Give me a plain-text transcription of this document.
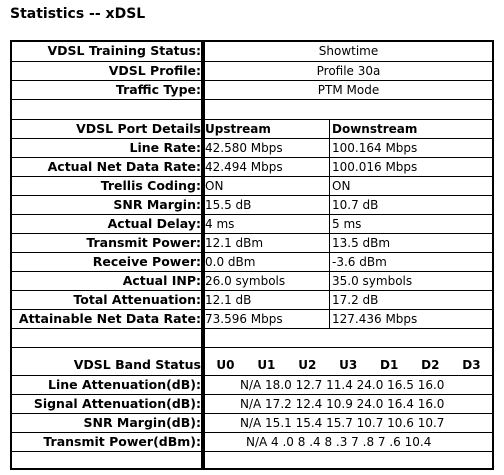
Statistics -- xDSL
VDSL Training Status:	Showtime
VDSL Profile:	Profile 30a
Traffic Type:	PTM Mode
VDSL Port Details Upstream	Downstream
Line Rate: 42.580 Mbps	100.164 Mbps
Actual Net Data Rate: 42.494 Mbps	100.016 Mbps
Trellis Coding: ON	ON
SNR Margin: 15.5 dB	10.7 dB
Actual Delay: 4 ms	5 ms
Transmit Power: 12.1 dBm	13.5 dBm
Receive Power: 0.0 dBm	-3.6 dBm
Actual INP: 26.0 symbols	35.0 symbols
Total Attenuation: 12.1 dB	17.2 dB
Attainable Net Data Rate: 73.596 Mbps	127.436 Mbps
VDSL Band Status U0 U1 U2 U3 D1 D2 D3
Line Attenuation(dB):	N/A 18.0 12.7 11.4 24.0 16.5 16.0
Signal Attenuation(dB):	N/A 17.2 12.4 10.9 24.0 16.4 16.0
SNR Margin(dB):	N/A 15.1 15.4 15.7 10.7 10.6 10.7
Transmit Power(dBm):	N/A 4 .0 8 .4 8 .3 7 .8 7 .6 10.4
